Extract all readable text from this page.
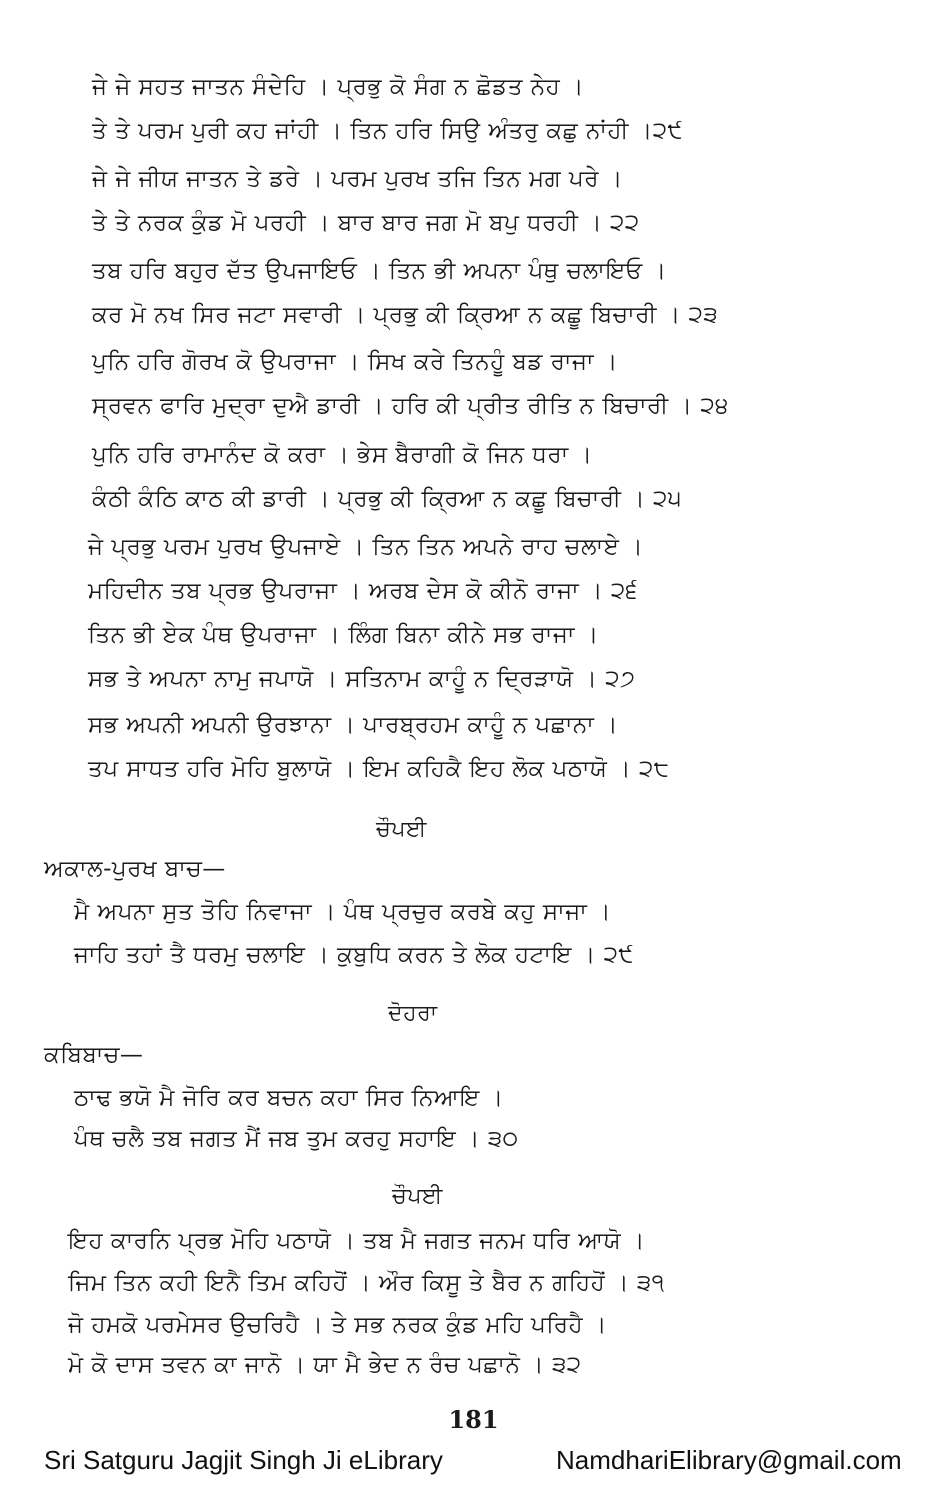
ਜੇ ਜੇ ਸਹਤ ਜਾਤਨ ਸੰਦੇਹਿ । ਪ੍ਰਭੁ ਕੋ ਸੰਗ ਨ ਛੋਡਤ ਨੇਹ ।
ਤੇ ਤੇ ਪਰਮ ਪੁਰੀ ਕਹ ਜਾਂਹੀ । ਤਿਨ ਹਰਿ ਸਿਉ ਅੰਤਰੁ ਕਛੁ ਨਾਂਹੀ ।੨੯
ਜੇ ਜੇ ਜੀਯ ਜਾਤਨ ਤੇ ਡਰੇ । ਪਰਮ ਪੁਰਖ ਤਜਿ ਤਿਨ ਮਗ ਪਰੇ ।
ਤੇ ਤੇ ਨਰਕ ਕੁੰਡ ਮੋ ਪਰਹੀ । ਬਾਰ ਬਾਰ ਜਗ ਮੋ ਬਪੁ ਧਰਹੀ । ੨੨
ਤਬ ਹਰਿ ਬਹੁਰ ਦੱਤ ਉਪਜਾਇਓ । ਤਿਨ ਭੀ ਅਪਨਾ ਪੰਥੁ ਚਲਾਇਓ ।
ਕਰ ਮੋ ਨਖ ਸਿਰ ਜਟਾ ਸਵਾਰੀ । ਪ੍ਰਭੁ ਕੀ ਕ੍ਰਿਆ ਨ ਕਛੂ ਬਿਚਾਰੀ । ੨੩
ਪੁਨਿ ਹਰਿ ਗੋਰਖ ਕੋ ਉਪਰਾਜਾ । ਸਿਖ ਕਰੇ ਤਿਨਹੂੰ ਬਡ ਰਾਜਾ ।
ਸ੍ਰਵਨ ਫਾਰਿ ਮੁਦ੍ਰਾ ਦੁਐ ਡਾਰੀ । ਹਰਿ ਕੀ ਪ੍ਰੀਤ ਰੀਤਿ ਨ ਬਿਚਾਰੀ । ੨੪
ਪੁਨਿ ਹਰਿ ਰਾਮਾਨੰਦ ਕੋ ਕਰਾ । ਭੇਸ ਬੈਰਾਗੀ ਕੋ ਜਿਨ ਧਰਾ ।
ਕੰਠੀ ਕੰਠਿ ਕਾਠ ਕੀ ਡਾਰੀ । ਪ੍ਰਭੁ ਕੀ ਕ੍ਰਿਆ ਨ ਕਛੂ ਬਿਚਾਰੀ । ੨੫
ਜੇ ਪ੍ਰਭੁ ਪਰਮ ਪੁਰਖ ਉਪਜਾਏ । ਤਿਨ ਤਿਨ ਅਪਨੇ ਰਾਹ ਚਲਾਏ ।
ਮਹਿਦੀਨ ਤਬ ਪ੍ਰਭ ਉਪਰਾਜਾ । ਅਰਬ ਦੇਸ ਕੋ ਕੀਨੋ ਰਾਜਾ । ੨੬
ਤਿਨ ਭੀ ਏਕ ਪੰਥ ਉਪਰਾਜਾ । ਲਿੰਗ ਬਿਨਾ ਕੀਨੇ ਸਭ ਰਾਜਾ ।
ਸਭ ਤੇ ਅਪਨਾ ਨਾਮੁ ਜਪਾਯੋ । ਸਤਿਨਾਮ ਕਾਹੂੰ ਨ ਦ੍ਰਿੜਾਯੋ । ੨੭
ਸਭ ਅਪਨੀ ਅਪਨੀ ਉਰਝਾਨਾ । ਪਾਰਬ੍ਰਹਮ ਕਾਹੂੰ ਨ ਪਛਾਨਾ ।
ਤਪ ਸਾਧਤ ਹਰਿ ਮੋਹਿ ਬੁਲਾਯੋ । ਇਮ ਕਹਿਕੈ ਇਹ ਲੋਕ ਪਠਾਯੋ । ੨੮
ਚੌਪਈ
ਅਕਾਲ-ਪੁਰਖ ਬਾਚ—
ਮੈ ਅਪਨਾ ਸੁਤ ਤੋਹਿ ਨਿਵਾਜਾ । ਪੰਥ ਪ੍ਰਚੁਰ ਕਰਬੇ ਕਹੁ ਸਾਜਾ ।
ਜਾਹਿ ਤਹਾਂ ਤੈ ਧਰਮੁ ਚਲਾਇ । ਕੁਬੁਧਿ ਕਰਨ ਤੇ ਲੋਕ ਹਟਾਇ । ੨੯
ਦੋਹਰਾ
ਕਬਿਬਾਚ—
ਠਾਢ ਭਯੋ ਮੈ ਜੋਰਿ ਕਰ ਬਚਨ ਕਹਾ ਸਿਰ ਨਿਆਇ ।
ਪੰਥ ਚਲੈ ਤਬ ਜਗਤ ਮੈਂ ਜਬ ਤੁਮ ਕਰਹੁ ਸਹਾਇ । ੩੦
ਚੌਪਈ
ਇਹ ਕਾਰਨਿ ਪ੍ਰਭ ਮੋਹਿ ਪਠਾਯੋ । ਤਬ ਮੈ ਜਗਤ ਜਨਮ ਧਰਿ ਆਯੋ ।
ਜਿਮ ਤਿਨ ਕਹੀ ਇਨੈ ਤਿਮ ਕਹਿਹੋਂ । ਔਰ ਕਿਸੂ ਤੇ ਬੈਰ ਨ ਗਹਿਹੋਂ । ੩੧
ਜੋ ਹਮਕੋ ਪਰਮੇਸਰ ਉਚਰਿਹੈ । ਤੇ ਸਭ ਨਰਕ ਕੁੰਡ ਮਹਿ ਪਰਿਹੈ ।
ਮੋ ਕੋ ਦਾਸ ਤਵਨ ਕਾ ਜਾਨੋ । ਯਾ ਮੈ ਭੇਦ ਨ ਰੰਚ ਪਛਾਨੋ । ੩੨
181
Sri Satguru Jagjit Singh Ji eLibrary	NamdhariElibrary@gmail.com
